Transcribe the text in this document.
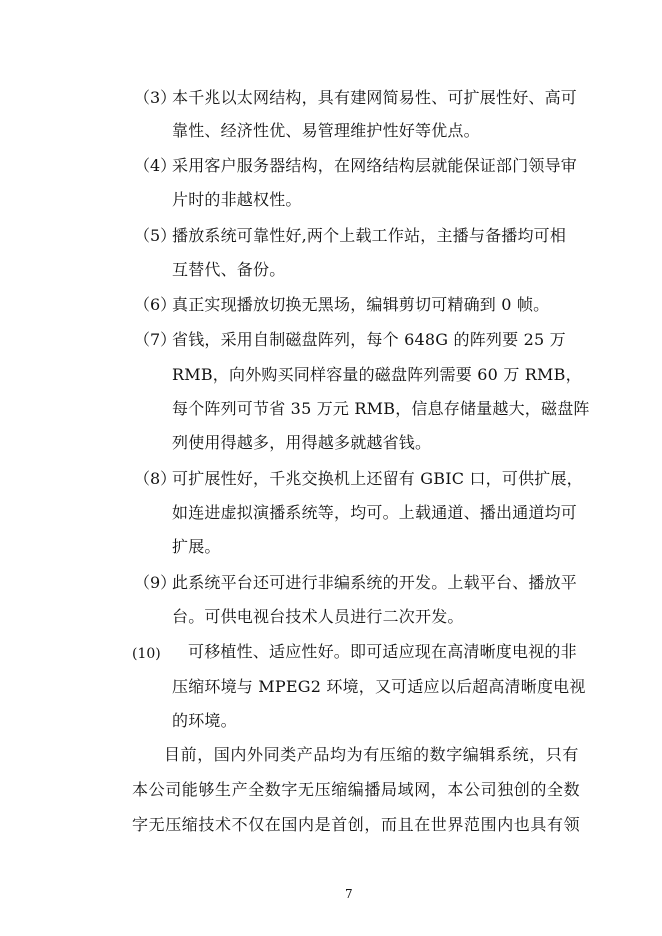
（3）
本千兆以太网结构，具有建网简易性、可扩展性好、高可
靠性、经济性优、易管理维护性好等优点。
（4）
采用客户服务器结构，在网络结构层就能保证部门领导审
片时的非越权性。
（5）
播放系统可靠性好,两个上载工作站，主播与备播均可相
互替代、备份。
（6）
真正实现播放切换无黑场，编辑剪切可精确到 0 帧。
（7）
省钱，采用自制磁盘阵列，每个 648G 的阵列要 25 万
RMB，向外购买同样容量的磁盘阵列需要 60 万 RMB，
每个阵列可节省 35 万元 RMB，信息存储量越大，磁盘阵
列使用得越多，用得越多就越省钱。
（8）
可扩展性好，千兆交换机上还留有 GBIC 口，可供扩展，
如连进虚拟演播系统等，均可。上载通道、播出通道均可
扩展。
（9）
此系统平台还可进行非编系统的开发。上载平台、播放平
台。可供电视台技术人员进行二次开发。
(10) 可移植性、适应性好。即可适应现在高清晰度电视的非
压缩环境与 MPEG2 环境，又可适应以后超高清晰度电视
的环境。
目前，国内外同类产品均为有压缩的数字编辑系统，只有
本公司能够生产全数字无压缩编播局域网，本公司独创的全数
字无压缩技术不仅在国内是首创，而且在世界范围内也具有领
7
